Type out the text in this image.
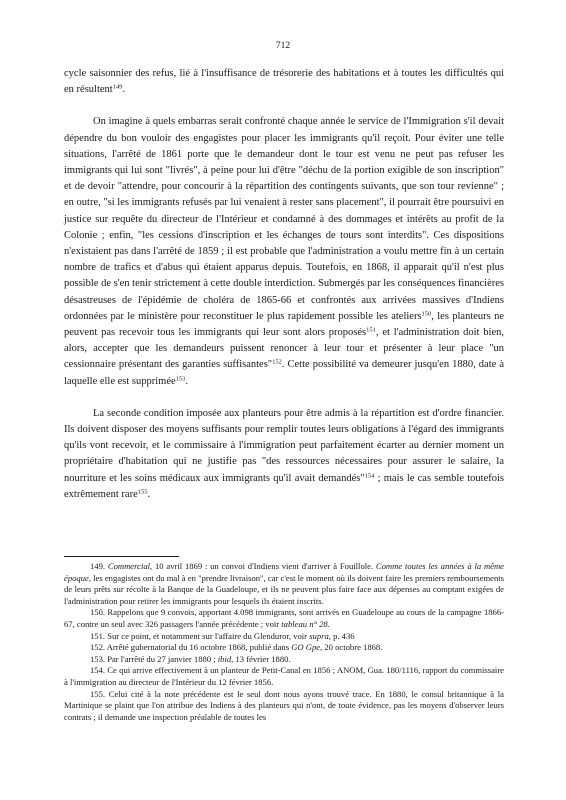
712

cycle saisonnier des refus, lié à l'insuffisance de trésorerie des habitations et à toutes les difficultés qui en résultent$^{149}$.

On imagine à quels embarras serait confronté chaque année le service de l'Immigration s'il devait dépendre du bon vouloir des engagistes pour placer les immigrants qu'il reçoit. Pour éviter une telle situations, l'arrêté de 1861 porte que le demandeur dont le tour est venu ne peut pas refuser les immigrants qui lui sont "livrés", à peine pour lui d'être "déchu de la portion exigible de son inscription" et de devoir "attendre, pour concourir à la répartition des contingents suivants, que son tour revienne" ; en outre, "si les immigrants refusés par lui venaient à rester sans placement", il pourrait être poursuivi en justice sur requête du directeur de l'Intérieur et condamné à des dommages et intérêts au profit de la Colonie ; enfin, "les cessions d'inscription et les échanges de tours sont interdits". Ces dispositions n'existaient pas dans l'arrêté de 1859 ; il est probable que l'administration a voulu mettre fin à un certain nombre de trafics et d'abus qui étaient apparus depuis. Toutefois, en 1868, il apparait qu'il n'est plus possible de s'en tenir strictement à cette double interdiction. Submergés par les conséquences financières désastreuses de l'épidémie de choléra de 1865-66 et confrontés aux arrivées massives d'Indiens ordonnées par le ministère pour reconstituer le plus rapidement possible les ateliers$^{150}$, les planteurs ne peuvent pas recevoir tous les immigrants qui leur sont alors proposés$^{151}$, et l'administration doit bien, alors, accepter que les demandeurs puissent renoncer à leur tour et présenter à leur place "un cessionnaire présentant des garanties suffisantes"$^{152}$. Cette possibilité va demeurer jusqu'en 1880, date à laquelle elle est supprimée$^{153}$.

La seconde condition imposée aux planteurs pour être admis à la répartition est d'ordre financier. Ils doivent disposer des moyens suffisants pour remplir toutes leurs obligations à l'égard des immigrants qu'ils vont recevoir, et le commissaire à l'immigration peut parfaitement écarter au dernier moment un propriétaire d'habitation qui ne justifie pas "des ressources nécessaires pour assurer le salaire, la nourriture et les soins médicaux aux immigrants qu'il avait demandés"$^{154}$ ; mais le cas semble toutefois extrêmement rare$^{155}$.

149. Commercial, 10 avril 1869 : un convoi d'Indiens vient d'arriver à Fouillole. Comme toutes les années à la même époque, les engagistes ont du mal à en "prendre livraison", car c'est le moment où ils doivent faire les premiers remboursements de leurs prêts sur récolte à la Banque de la Guadeloupe, et ils ne peuvent plus faire face aux dépenses au comptant exigées de l'administration pour retirer les immigrants pour lesquels ils étaient inscrits.

150. Rappelons que 9 convois, apportant 4.098 immigrants, sont arrivés en Guadeloupe au cours de la campagne 1866-67, contre un seul avec 326 passagers l'année précédente ; voir tableau n° 28.

151. Sur ce point, et notamment sur l'affaire du Glenduror, voir supra, p. 436

152. Arrêté gubernatorial du 16 octobre 1868, publié dans GO Gpe, 20 octobre 1868.

153. Par l'arrêté du 27 janvier 1880 ; ibid, 13 février 1880.

154. Ce qui arrive effectivement à un planteur de Petit-Canal en 1856 ; ANOM, Gua. 180/1116, rapport du commissaire à l'immigration au directeur de l'Intérieur du 12 février 1856.

155. Celui cité à la note précédente est le seul dont nous ayons trouvé trace. En 1880, le consul britannique à la Martinique se plaint que l'on attribue des Indiens à des planteurs qui n'ont, de toute évidence, pas les moyens d'observer leurs contrats ; il demande une inspection préalable de toutes les
